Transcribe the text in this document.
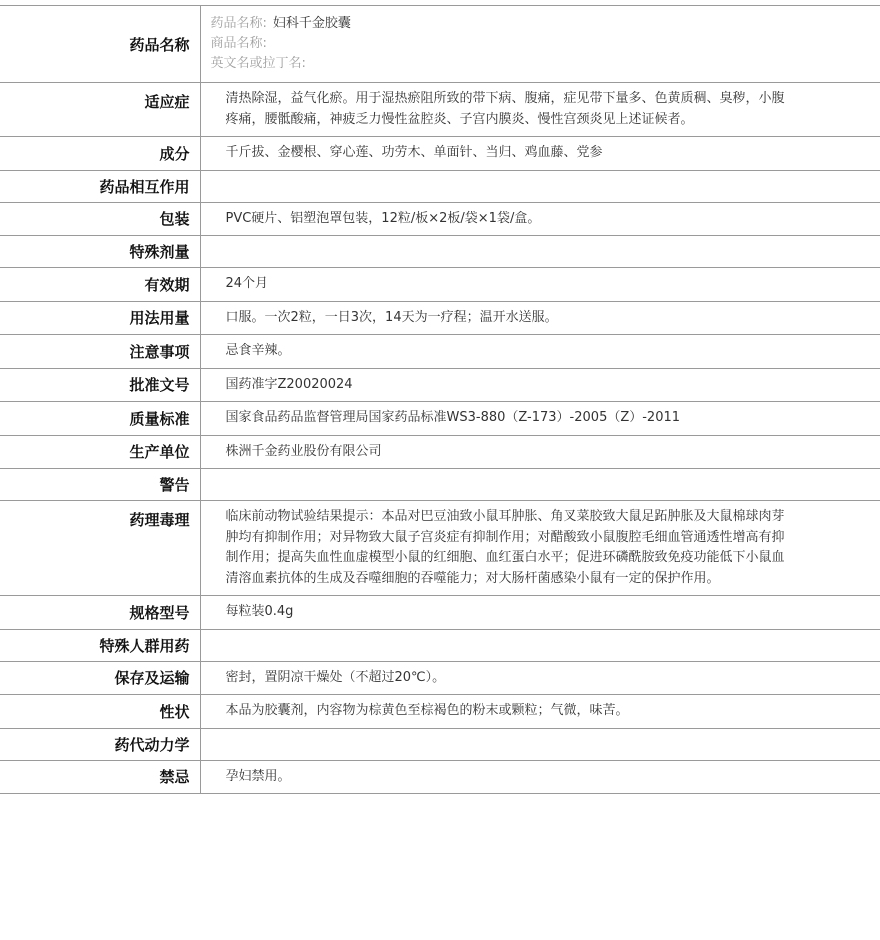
药品名称	药品名称: 妇科千金胶囊
商品名称:
英文名或拉丁名:

适应症	清热除湿，益气化瘀。用于湿热瘀阻所致的带下病、腹痛，症见带下量多、色黄质稠、臭秽，小腹疼痛，腰骶酸痛，神疲乏力慢性盆腔炎、子宫内膜炎、慢性宫颈炎见上述证候者。
成分	千斤拔、金樱根、穿心莲、功劳木、单面针、当归、鸡血藤、党参
药品相互作用	
包装	PVC硬片、铝塑泡罩包装，12粒/板×2板/袋×1袋/盒。
特殊剂量	
有效期	24个月
用法用量	口服。一次2粒，一日3次，14天为一疗程；温开水送服。
注意事项	忌食辛辣。
批准文号	国药准字Z20020024
质量标准	国家食品药品监督管理局国家药品标准WS3-880（Z-173）-2005（Z）-2011
生产单位	株洲千金药业股份有限公司
警告	
药理毒理	临床前动物试验结果提示：本品对巴豆油致小鼠耳肿胀、角叉菜胶致大鼠足跖肿胀及大鼠棉球肉芽肿均有抑制作用；对异物致大鼠子宫炎症有抑制作用；对醋酸致小鼠腹腔毛细血管通透性增高有抑制作用；提高失血性血虚模型小鼠的红细胞、血红蛋白水平；促进环磷酰胺致免疫功能低下小鼠血清溶血素抗体的生成及吞噬细胞的吞噬能力；对大肠杆菌感染小鼠有一定的保护作用。
规格型号	每粒装0.4g
特殊人群用药	
保存及运输	密封，置阴凉干燥处（不超过20℃）。
性状	本品为胶囊剂，内容物为棕黄色至棕褐色的粉末或颗粒；气微，味苦。
药代动力学	
禁忌	孕妇禁用。
